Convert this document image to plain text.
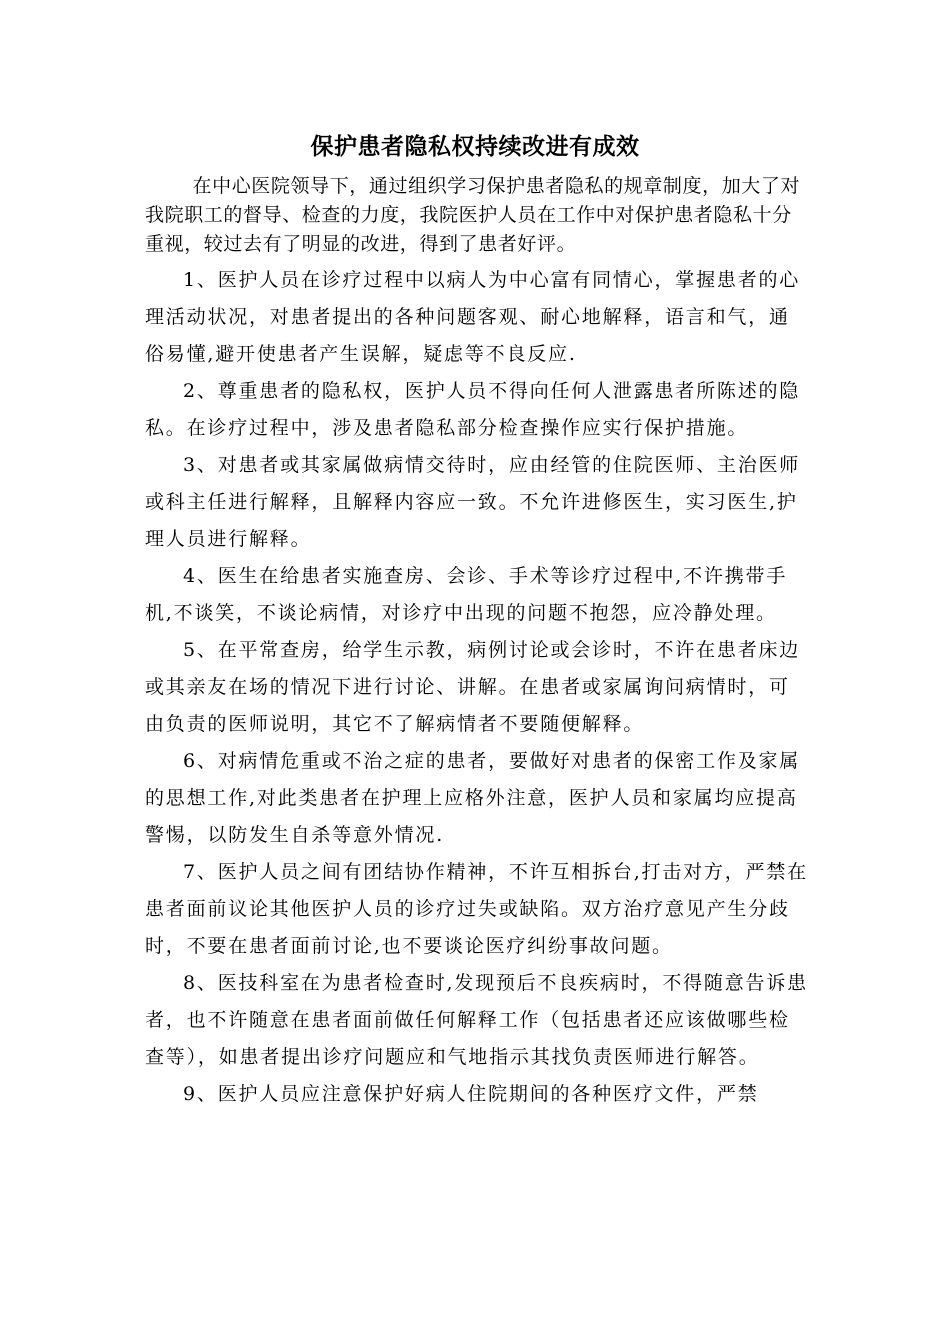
保护患者隐私权持续改进有成效

在中心医院领导下，通过组织学习保护患者隐私的规章制度，加大了对我院职工的督导、检查的力度，我院医护人员在工作中对保护患者隐私十分重视，较过去有了明显的改进，得到了患者好评。

1、医护人员在诊疗过程中以病人为中心富有同情心，掌握患者的心理活动状况，对患者提出的各种问题客观、耐心地解释，语言和气，通俗易懂,避开使患者产生误解，疑虑等不良反应.

2、尊重患者的隐私权，医护人员不得向任何人泄露患者所陈述的隐私。在诊疗过程中，涉及患者隐私部分检查操作应实行保护措施。

3、对患者或其家属做病情交待时，应由经管的住院医师、主治医师或科主任进行解释，且解释内容应一致。不允许进修医生，实习医生,护理人员进行解释。

4、医生在给患者实施查房、会诊、手术等诊疗过程中,不许携带手机,不谈笑，不谈论病情，对诊疗中出现的问题不抱怨，应冷静处理。

5、在平常查房，给学生示教，病例讨论或会诊时，不许在患者床边或其亲友在场的情况下进行讨论、讲解。在患者或家属询问病情时，可由负责的医师说明，其它不了解病情者不要随便解释。

6、对病情危重或不治之症的患者，要做好对患者的保密工作及家属的思想工作,对此类患者在护理上应格外注意，医护人员和家属均应提高警惕，以防发生自杀等意外情况.

7、医护人员之间有团结协作精神，不许互相拆台,打击对方，严禁在患者面前议论其他医护人员的诊疗过失或缺陷。双方治疗意见产生分歧时，不要在患者面前讨论,也不要谈论医疗纠纷事故问题。

8、医技科室在为患者检查时,发现预后不良疾病时，不得随意告诉患者，也不许随意在患者面前做任何解释工作（包括患者还应该做哪些检查等），如患者提出诊疗问题应和气地指示其找负责医师进行解答。

9、医护人员应注意保护好病人住院期间的各种医疗文件，严禁
